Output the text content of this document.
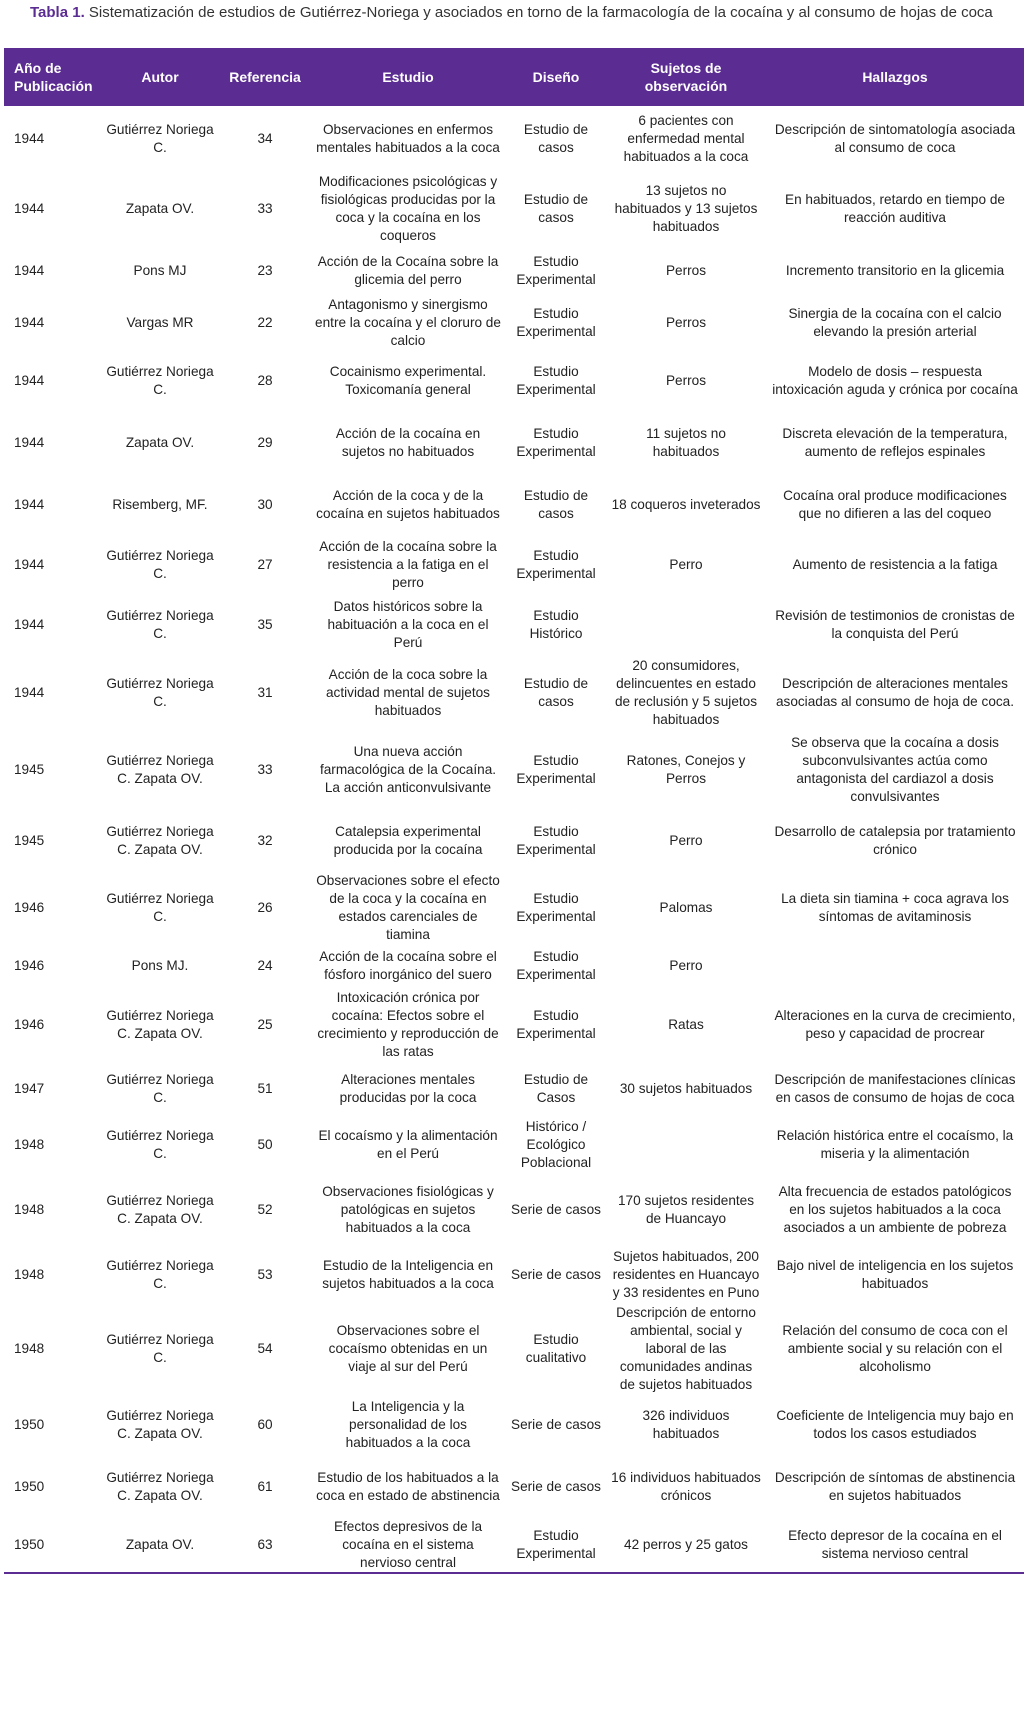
Tabla 1. Sistematización de estudios de Gutiérrez-Noriega y asociados en torno de la farmacología de la cocaína y al consumo de hojas de coca
Año de Publicación	Autor	Referencia	Estudio	Diseño	Sujetos de observación	Hallazgos
1944	Gutiérrez Noriega C.	34	Observaciones en enfermos mentales habituados a la coca	Estudio de casos	6 pacientes con enfermedad mental habituados a la coca	Descripción de sintomatología asociada al consumo de coca
1944	Zapata OV.	33	Modificaciones psicológicas y fisiológicas producidas por la coca y la cocaína en los coqueros	Estudio de casos	13 sujetos no habituados y 13 sujetos habituados	En habituados, retardo en tiempo de reacción auditiva
1944	Pons MJ	23	Acción de la Cocaína sobre la glicemia del perro	Estudio Experimental	Perros	Incremento transitorio en la glicemia
1944	Vargas MR	22	Antagonismo y sinergismo entre la cocaína y el cloruro de calcio	Estudio Experimental	Perros	Sinergia de la cocaína con el calcio elevando la presión arterial
1944	Gutiérrez Noriega C.	28	Cocainismo experimental. Toxicomanía general	Estudio Experimental	Perros	Modelo de dosis – respuesta intoxicación aguda y crónica por cocaína
1944	Zapata OV.	29	Acción de la cocaína en sujetos no habituados	Estudio Experimental	11 sujetos no habituados	Discreta elevación de la temperatura, aumento de reflejos espinales
1944	Risemberg, MF.	30	Acción de la coca y de la cocaína en sujetos habituados	Estudio de casos	18 coqueros inveterados	Cocaína oral produce modificaciones que no difieren a las del coqueo
1944	Gutiérrez Noriega C.	27	Acción de la cocaína sobre la resistencia a la fatiga en el perro	Estudio Experimental	Perro	Aumento de resistencia a la fatiga
1944	Gutiérrez Noriega C.	35	Datos históricos sobre la habituación a la coca en el Perú	Estudio Histórico		Revisión de testimonios de cronistas de la conquista del Perú
1944	Gutiérrez Noriega C.	31	Acción de la coca sobre la actividad mental de sujetos habituados	Estudio de casos	20 consumidores, delincuentes en estado de reclusión y 5 sujetos habituados	Descripción de alteraciones mentales asociadas al consumo de hoja de coca.
1945	Gutiérrez Noriega C. Zapata OV.	33	Una nueva acción farmacológica de la Cocaína. La acción anticonvulsivante	Estudio Experimental	Ratones, Conejos y Perros	Se observa que la cocaína a dosis subconvulsivantes actúa como antagonista del cardiazol a dosis convulsivantes
1945	Gutiérrez Noriega C. Zapata OV.	32	Catalepsia experimental producida por la cocaína	Estudio Experimental	Perro	Desarrollo de catalepsia por tratamiento crónico
1946	Gutiérrez Noriega C.	26	Observaciones sobre el efecto de la coca y la cocaína en estados carenciales de tiamina	Estudio Experimental	Palomas	La dieta sin tiamina + coca agrava los síntomas de avitaminosis
1946	Pons MJ.	24	Acción de la cocaína sobre el fósforo inorgánico del suero	Estudio Experimental	Perro	
1946	Gutiérrez Noriega C. Zapata OV.	25	Intoxicación crónica por cocaína: Efectos sobre el crecimiento y reproducción de las ratas	Estudio Experimental	Ratas	Alteraciones en la curva de crecimiento, peso y capacidad de procrear
1947	Gutiérrez Noriega C.	51	Alteraciones mentales producidas por la coca	Estudio de Casos	30 sujetos habituados	Descripción de manifestaciones clínicas en casos de consumo de hojas de coca
1948	Gutiérrez Noriega C.	50	El cocaísmo y la alimentación en el Perú	Histórico / Ecológico Poblacional		Relación histórica entre el cocaísmo, la miseria y la alimentación
1948	Gutiérrez Noriega C. Zapata OV.	52	Observaciones fisiológicas y patológicas en sujetos habituados a la coca	Serie de casos	170 sujetos residentes de Huancayo	Alta frecuencia de estados patológicos en los sujetos habituados a la coca asociados a un ambiente de pobreza
1948	Gutiérrez Noriega C.	53	Estudio de la Inteligencia en sujetos habituados a la coca	Serie de casos	Sujetos habituados, 200 residentes en Huancayo y 33 residentes en Puno	Bajo nivel de inteligencia en los sujetos habituados
1948	Gutiérrez Noriega C.	54	Observaciones sobre el cocaísmo obtenidas en un viaje al sur del Perú	Estudio cualitativo	Descripción de entorno ambiental, social y laboral de las comunidades andinas de sujetos habituados	Relación del consumo de coca con el ambiente social y su relación con el alcoholismo
1950	Gutiérrez Noriega C. Zapata OV.	60	La Inteligencia y la personalidad de los habituados a la coca	Serie de casos	326 individuos habituados	Coeficiente de Inteligencia muy bajo en todos los casos estudiados
1950	Gutiérrez Noriega C. Zapata OV.	61	Estudio de los habituados a la coca en estado de abstinencia	Serie de casos	16 individuos habituados crónicos	Descripción de síntomas de abstinencia en sujetos habituados
1950	Zapata OV.	63	Efectos depresivos de la cocaína en el sistema nervioso central	Estudio Experimental	42 perros y 25 gatos	Efecto depresor de la cocaína en el sistema nervioso central
